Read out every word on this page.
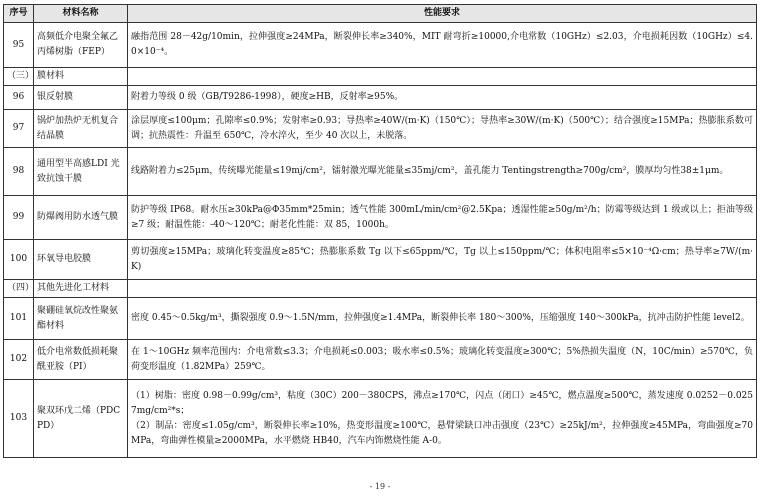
序号	材料名称	性能要求
95	高频低介电聚全氟乙丙烯树脂（FEP）	融指范围 28－42g/10min，拉伸强度≥24MPa，断裂伸长率≥340%，MIT 耐弯折≥10000,介电常数（10GHz）≤2.03，介电损耗因数（10GHz）≤4.0×10⁻⁴。
（三）	膜材料	
96	银反射膜	附着力等级 0 级（GB/T9286-1998），硬度≥HB，反射率≥95%。
97	锅炉加热炉无机复合结晶膜	涂层厚度≤100μm；孔隙率≤0.9%；发射率≥0.93；导热率≥40W/(m·K)（150℃）；导热率≥30W/(m·K)（500℃）；结合强度≥15MPa；热膨胀系数可调；抗热震性：升温至 650℃，冷水淬火，至少 40 次以上，未脱落。
98	通用型半高感LDI 光致抗蚀干膜	线路附着力≤25μm，传统曝光能量≤19mj/cm²，镭射激光曝光能量≤35mj/cm²，盖孔能力 Tentingstrength≥700g/cm²，膜厚均匀性38±1μm。
99	防爆阀用防水透气膜	防护等级 IP68。耐水压≥30kPa@Φ35mm*25min；透气性能 300mL/min/cm²@2.5Kpa；透湿性能≥50g/m²/h；防霉等级达到 1 级或以上；拒油等级≥7 级；耐温性能：-40～120℃；耐老化性能：双 85，1000h。
100	环氧导电胶膜	剪切强度≥15MPa；玻璃化转变温度≥85℃；热膨胀系数 Tg 以下≤65ppm/℃，Tg 以上≤150ppm/℃；体积电阻率≤5×10⁻⁴Ω·cm；热导率≥7W/(m·K)
（四）	其他先进化工材料	
101	聚硼硅氧烷改性聚氨酯材料	密度 0.45～0.5kg/m³，撕裂强度 0.9～1.5N/mm，拉伸强度≥1.4MPa，断裂伸长率 180～300%，压缩强度 140～300kPa，抗冲击防护性能 level2。
102	低介电常数低损耗聚酰亚胺（PI）	在 1～10GHz 频率范围内：介电常数≤3.3；介电损耗≤0.003；吸水率≤0.5%；玻璃化转变温度≥300℃；5%热损失温度（N，10C/min）≥570℃，负荷变形温度（1.82MPa）259℃。
103	聚双环戊二烯（PDCPD）	（1）树脂：密度 0.98－0.99g/cm³，粘度（30C）200－380CPS，沸点≥170℃，闪点（闭口）≥45℃，燃点温度≥500℃，蒸发速度 0.0252－0.0257mg/cm²*s；
（2）制品：密度≤1.05g/cm³，断裂伸长率≥10%，热变形温度≥100℃，悬臂梁缺口冲击强度（23℃）≥25kJ/m²，拉伸强度≥45MPa，弯曲强度≥70MPa，弯曲弹性模量≥2000MPa，水平燃烧 HB40，汽车内饰燃烧性能 A-0。
- 19 -
